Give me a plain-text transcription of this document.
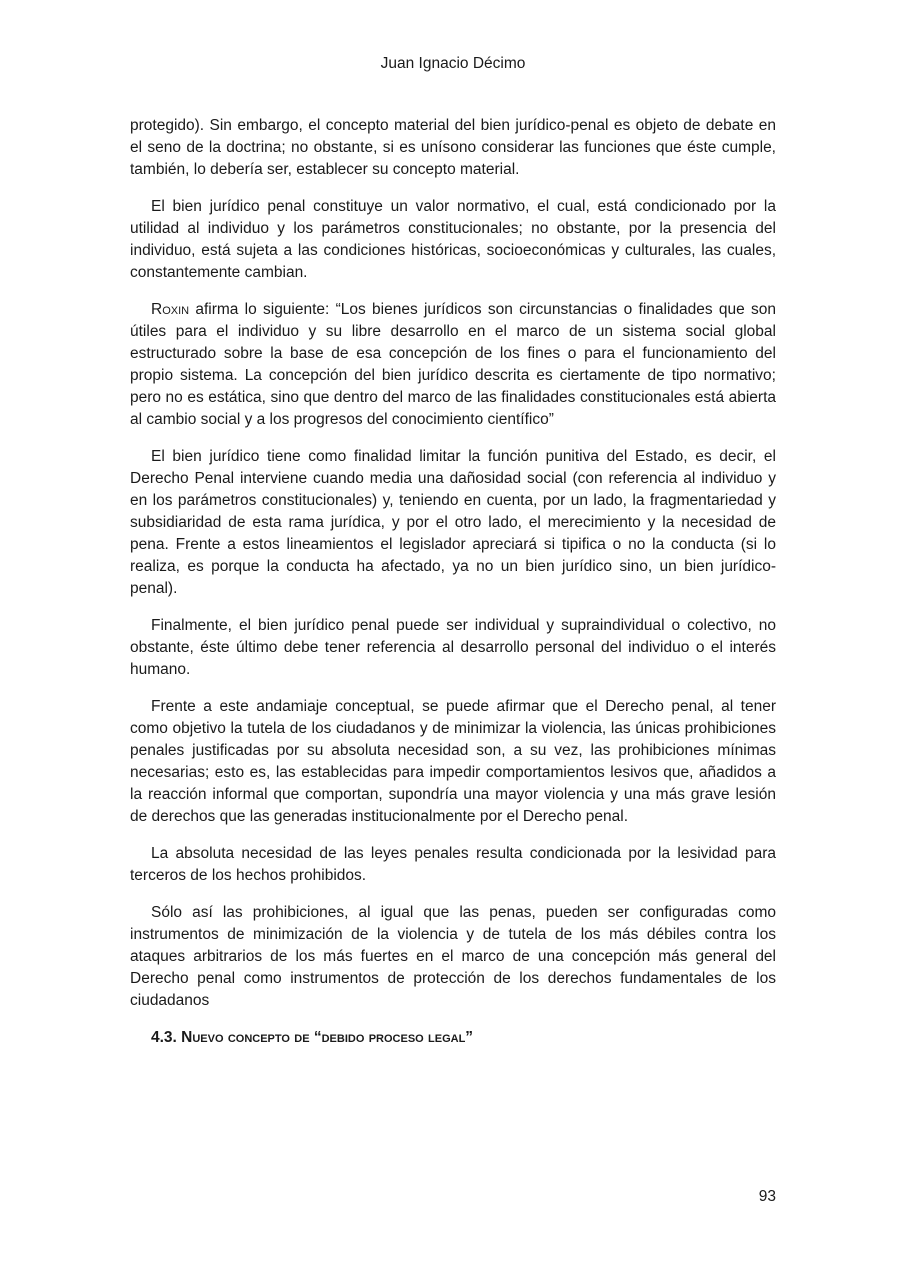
Juan Ignacio Décimo

protegido). Sin embargo, el concepto material del bien jurídico-penal es objeto de debate en el seno de la doctrina; no obstante, si es unísono considerar las funciones que éste cumple, también, lo debería ser, establecer su concepto material.

El bien jurídico penal constituye un valor normativo, el cual, está condicionado por la utilidad al individuo y los parámetros constitucionales; no obstante, por la presencia del individuo, está sujeta a las condiciones históricas, socioeconómicas y culturales, las cuales, constantemente cambian.

Roxin afirma lo siguiente: “Los bienes jurídicos son circunstancias o finalidades que son útiles para el individuo y su libre desarrollo en el marco de un sistema social global estructurado sobre la base de esa concepción de los fines o para el funcionamiento del propio sistema. La concepción del bien jurídico descrita es ciertamente de tipo normativo; pero no es estática, sino que dentro del marco de las finalidades constitucionales está abierta al cambio social y a los progresos del conocimiento científico”

El bien jurídico tiene como finalidad limitar la función punitiva del Estado, es decir, el Derecho Penal interviene cuando media una dañosidad social (con referencia al individuo y en los parámetros constitucionales) y, teniendo en cuenta, por un lado, la fragmentariedad y subsidiaridad de esta rama jurídica, y por el otro lado, el merecimiento y la necesidad de pena. Frente a estos lineamientos el legislador apreciará si tipifica o no la conducta (si lo realiza, es porque la conducta ha afectado, ya no un bien jurídico sino, un bien jurídico-penal).

Finalmente, el bien jurídico penal puede ser individual y supraindividual o colectivo, no obstante, éste último debe tener referencia al desarrollo personal del individuo o el interés humano.

Frente a este andamiaje conceptual, se puede afirmar que el Derecho penal, al tener como objetivo la tutela de los ciudadanos y de minimizar la violencia, las únicas prohibiciones penales justificadas por su absoluta necesidad son, a su vez, las prohibiciones mínimas necesarias; esto es, las establecidas para impedir comportamientos lesivos que, añadidos a la reacción informal que comportan, supondría una mayor violencia y una más grave lesión de derechos que las generadas institucionalmente por el Derecho penal.

La absoluta necesidad de las leyes penales resulta condicionada por la lesividad para terceros de los hechos prohibidos.

Sólo así las prohibiciones, al igual que las penas, pueden ser configuradas como instrumentos de minimización de la violencia y de tutela de los más débiles contra los ataques arbitrarios de los más fuertes en el marco de una concepción más general del Derecho penal como instrumentos de protección de los derechos fundamentales de los ciudadanos

4.3. Nuevo concepto de “debido proceso legal”
93
